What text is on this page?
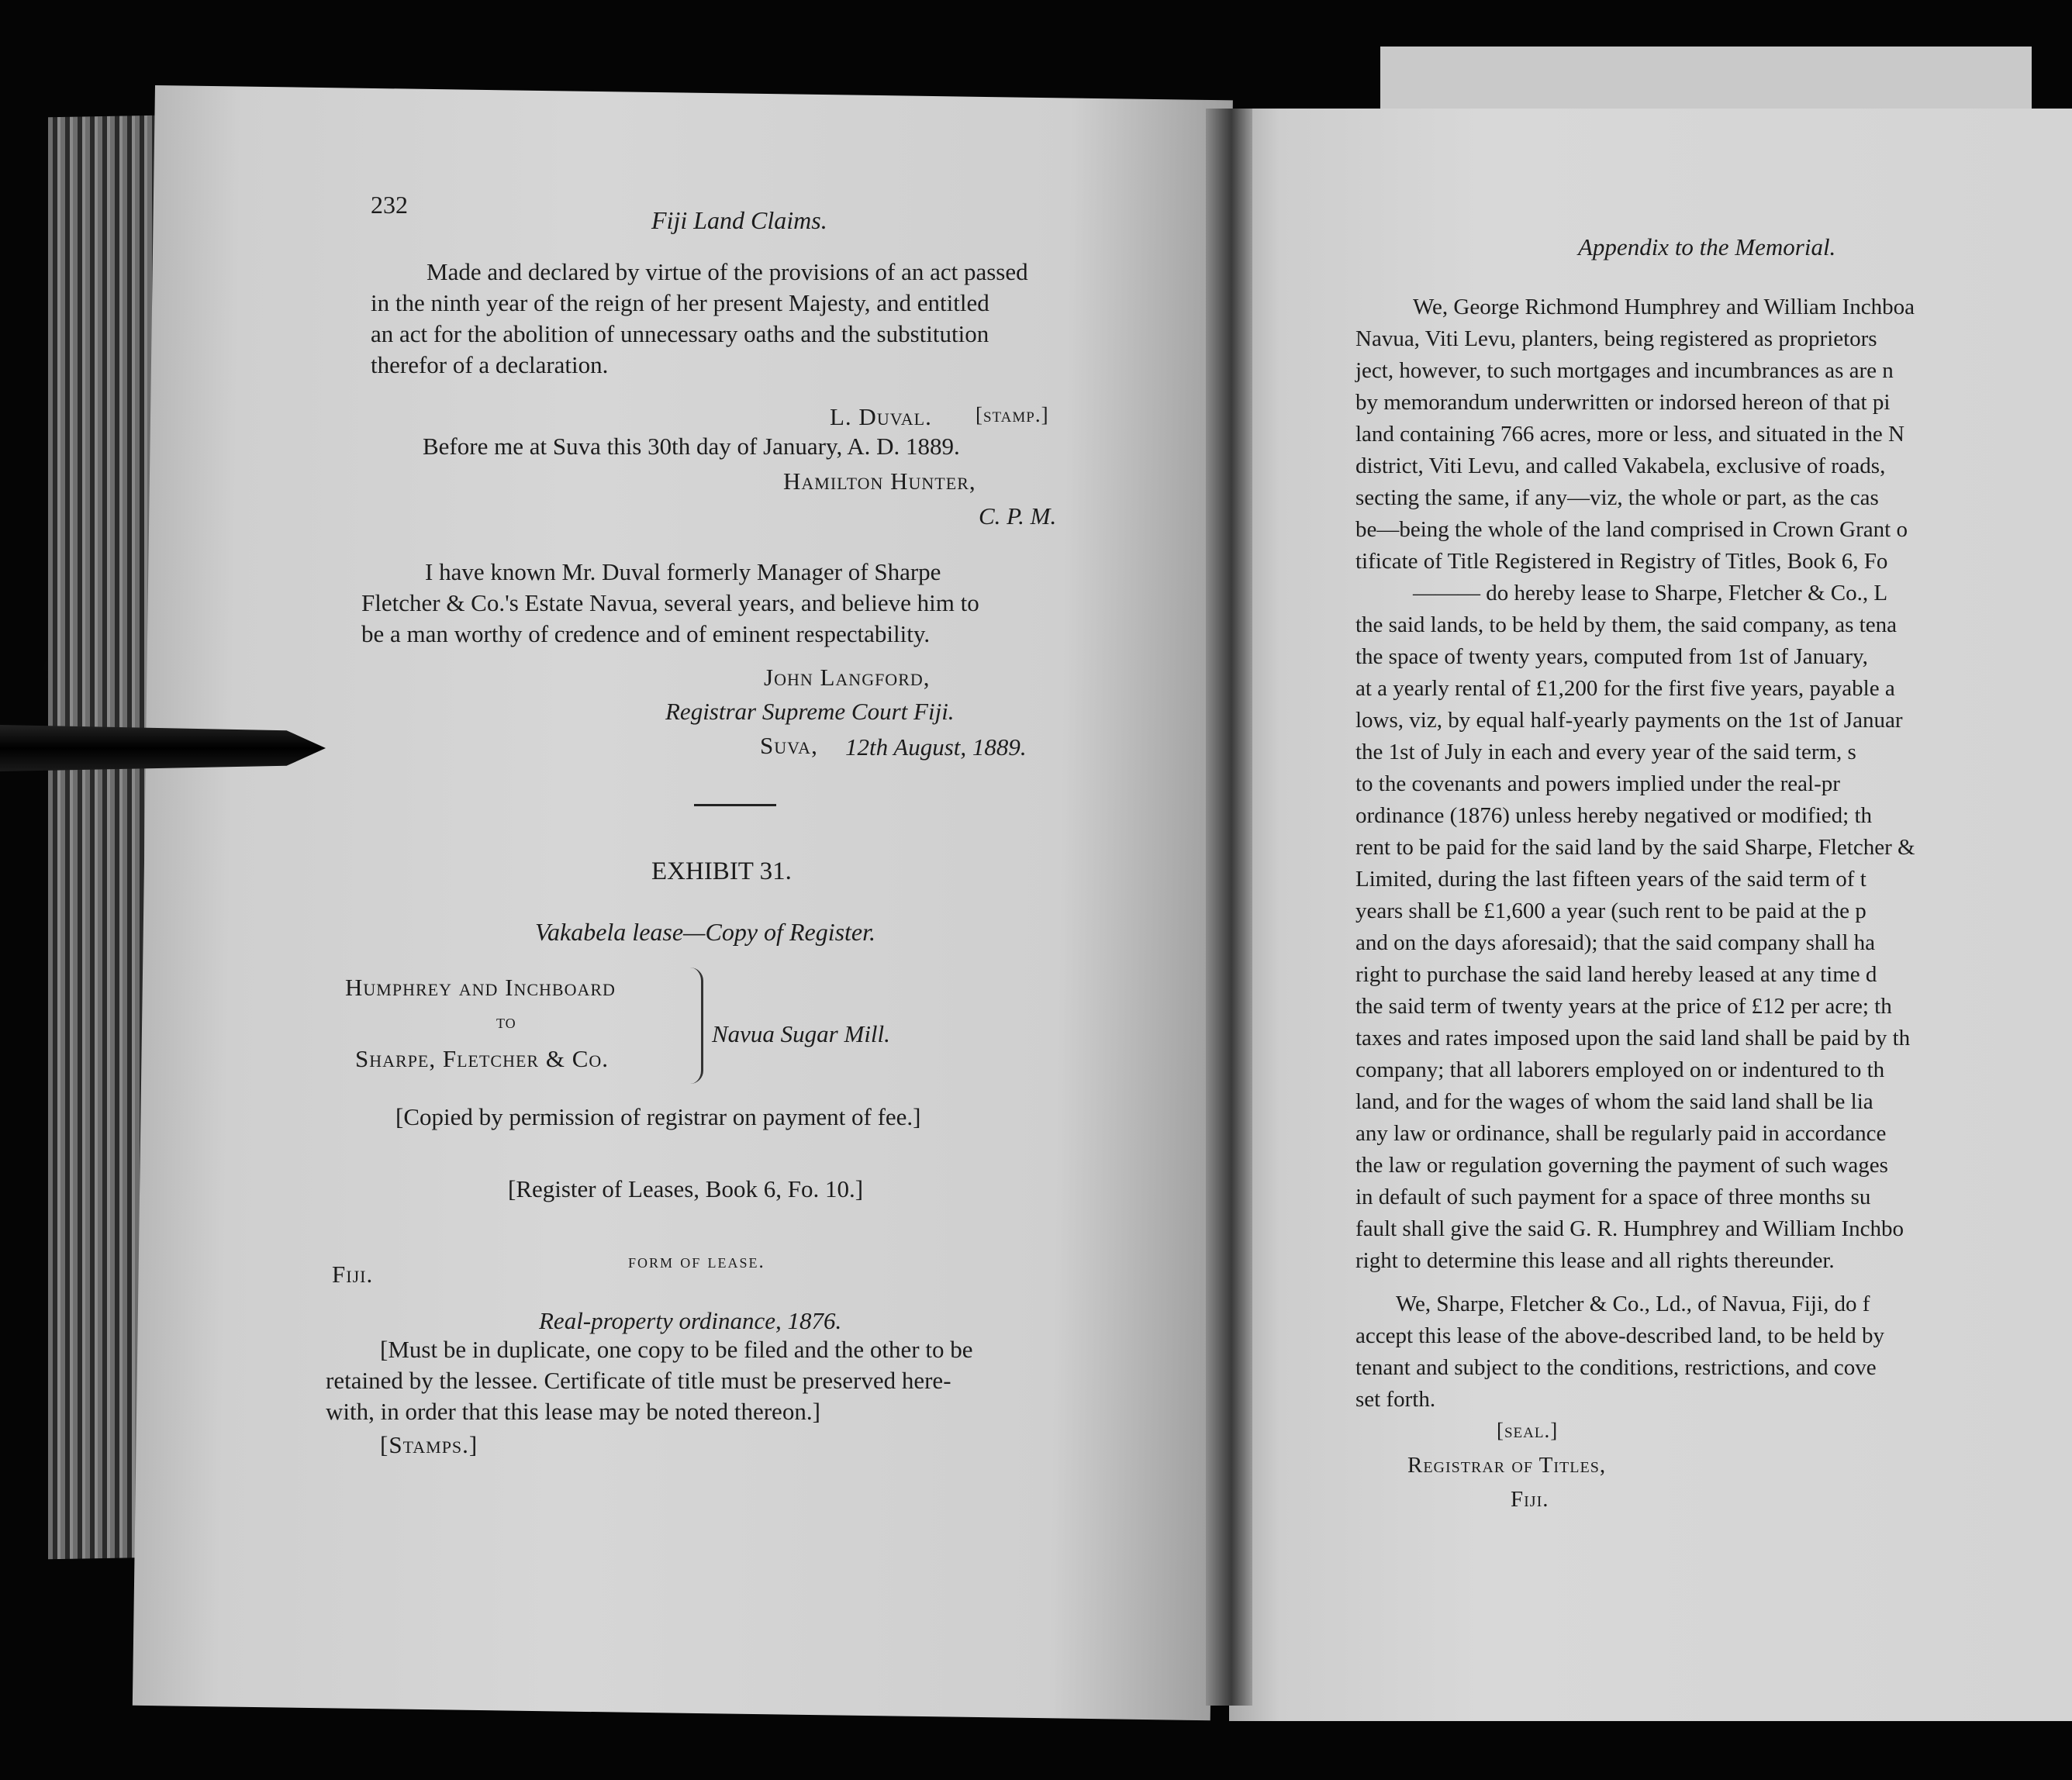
232
Fiji Land Claims.
Made and declared by virtue of the provisions of an act passed
in the ninth year of the reign of her present Majesty, and entitled
an act for the abolition of unnecessary oaths and the substitution
therefor of a declaration.
L. Duval. [stamp.]
Before me at Suva this 30th day of January, A. D. 1889.
Hamilton Hunter,
C. P. M.
I have known Mr. Duval formerly Manager of Sharpe
Fletcher & Co.'s Estate Navua, several years, and believe him to
be a man worthy of credence and of eminent respectability.
John Langford,
Registrar Supreme Court Fiji.
Suva, 12th August, 1889.
EXHIBIT 31.
Vakabela lease—Copy of Register.
Humphrey and Inchboard
to
Sharpe, Fletcher & Co.
Navua Sugar Mill.
[Copied by permission of registrar on payment of fee.]
[Register of Leases, Book 6, Fo. 10.]
form of lease.
Fiji.
Real-property ordinance, 1876.
[Must be in duplicate, one copy to be filed and the other to be
retained by the lessee. Certificate of title must be preserved here-
with, in order that this lease may be noted thereon.]
[Stamps.]
Appendix to the Memorial.
We, George Richmond Humphrey and William Inchboa
Navua, Viti Levu, planters, being registered as proprietors
ject, however, to such mortgages and incumbrances as are n
by memorandum underwritten or indorsed hereon of that pi
land containing 766 acres, more or less, and situated in the N
district, Viti Levu, and called Vakabela, exclusive of roads,
secting the same, if any—viz, the whole or part, as the cas
be—being the whole of the land comprised in Crown Grant o
tificate of Title Registered in Registry of Titles, Book 6, Fo
——— do hereby lease to Sharpe, Fletcher & Co., L
the said lands, to be held by them, the said company, as tena
the space of twenty years, computed from 1st of January,
at a yearly rental of £1,200 for the first five years, payable a
lows, viz, by equal half-yearly payments on the 1st of Januar
the 1st of July in each and every year of the said term, s
to the covenants and powers implied under the real-pr
ordinance (1876) unless hereby negatived or modified; th
rent to be paid for the said land by the said Sharpe, Fletcher &
Limited, during the last fifteen years of the said term of t
years shall be £1,600 a year (such rent to be paid at the p
and on the days aforesaid); that the said company shall ha
right to purchase the said land hereby leased at any time d
the said term of twenty years at the price of £12 per acre; th
taxes and rates imposed upon the said land shall be paid by th
company; that all laborers employed on or indentured to th
land, and for the wages of whom the said land shall be lia
any law or ordinance, shall be regularly paid in accordance
the law or regulation governing the payment of such wages
in default of such payment for a space of three months su
fault shall give the said G. R. Humphrey and William Inchbo
right to determine this lease and all rights thereunder.
We, Sharpe, Fletcher & Co., Ld., of Navua, Fiji, do f
accept this lease of the above-described land, to be held by
tenant and subject to the conditions, restrictions, and cove
set forth.
[seal.]
Registrar of Titles,
Fiji.
